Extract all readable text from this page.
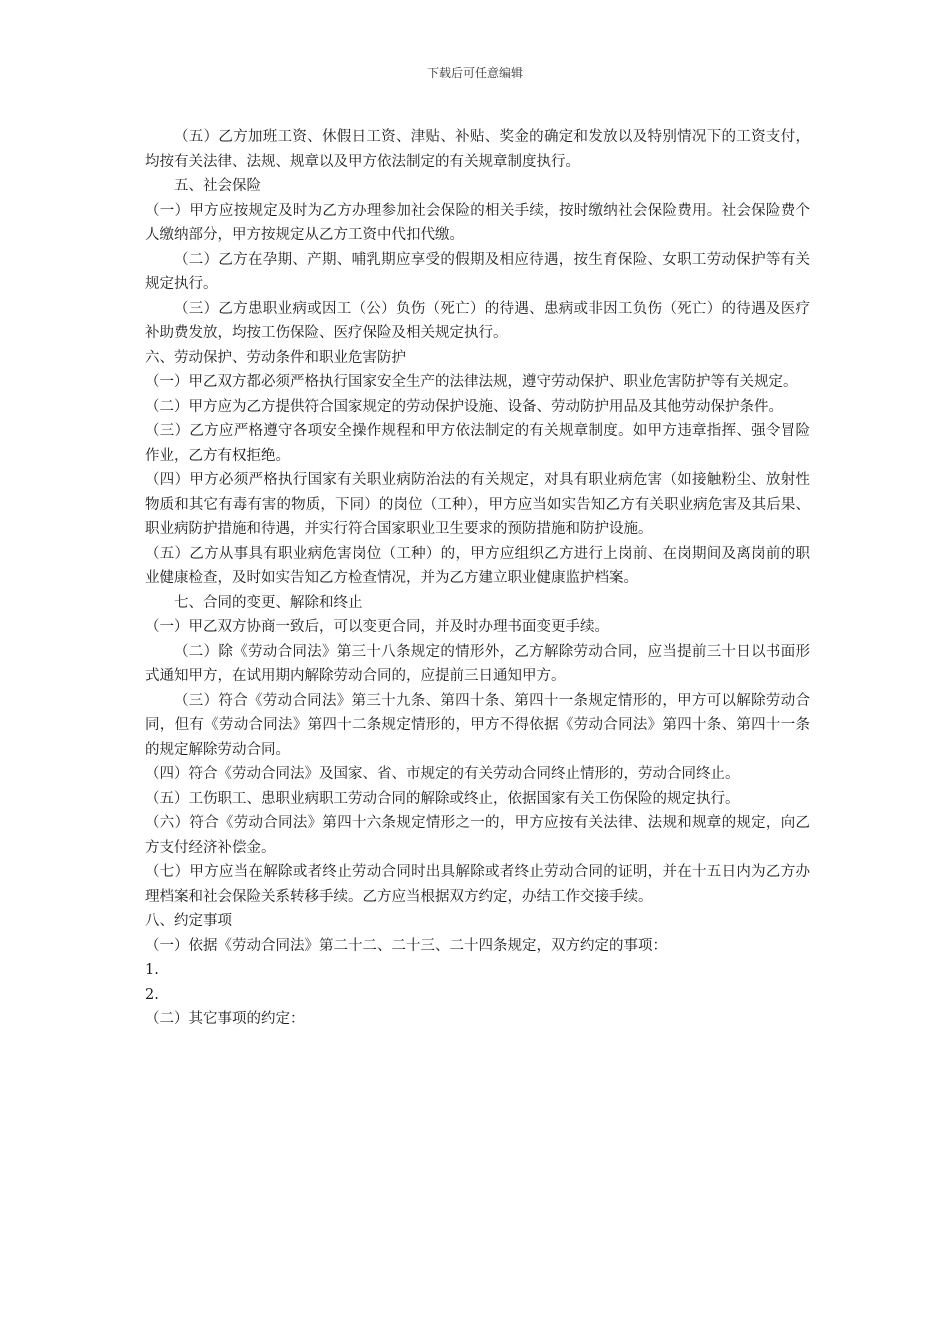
下载后可任意编辑

（五）乙方加班工资、休假日工资、津贴、补贴、奖金的确定和发放以及特别情况下的工资支付，均按有关法律、法规、规章以及甲方依法制定的有关规章制度执行。

五、社会保险

（一）甲方应按规定及时为乙方办理参加社会保险的相关手续，按时缴纳社会保险费用。社会保险费个人缴纳部分，甲方按规定从乙方工资中代扣代缴。

（二）乙方在孕期、产期、哺乳期应享受的假期及相应待遇，按生育保险、女职工劳动保护等有关规定执行。

（三）乙方患职业病或因工（公）负伤（死亡）的待遇、患病或非因工负伤（死亡）的待遇及医疗补助费发放，均按工伤保险、医疗保险及相关规定执行。

六、劳动保护、劳动条件和职业危害防护

（一）甲乙双方都必须严格执行国家安全生产的法律法规，遵守劳动保护、职业危害防护等有关规定。

（二）甲方应为乙方提供符合国家规定的劳动保护设施、设备、劳动防护用品及其他劳动保护条件。

（三）乙方应严格遵守各项安全操作规程和甲方依法制定的有关规章制度。如甲方违章指挥、强令冒险作业，乙方有权拒绝。

（四）甲方必须严格执行国家有关职业病防治法的有关规定，对具有职业病危害（如接触粉尘、放射性物质和其它有毒有害的物质，下同）的岗位（工种），甲方应当如实告知乙方有关职业病危害及其后果、职业病防护措施和待遇，并实行符合国家职业卫生要求的预防措施和防护设施。

（五）乙方从事具有职业病危害岗位（工种）的，甲方应组织乙方进行上岗前、在岗期间及离岗前的职业健康检查，及时如实告知乙方检查情况，并为乙方建立职业健康监护档案。

七、合同的变更、解除和终止

（一）甲乙双方协商一致后，可以变更合同，并及时办理书面变更手续。

（二）除《劳动合同法》第三十八条规定的情形外，乙方解除劳动合同，应当提前三十日以书面形式通知甲方，在试用期内解除劳动合同的，应提前三日通知甲方。

（三）符合《劳动合同法》第三十九条、第四十条、第四十一条规定情形的，甲方可以解除劳动合同，但有《劳动合同法》第四十二条规定情形的，甲方不得依据《劳动合同法》第四十条、第四十一条的规定解除劳动合同。

（四）符合《劳动合同法》及国家、省、市规定的有关劳动合同终止情形的，劳动合同终止。

（五）工伤职工、患职业病职工劳动合同的解除或终止，依据国家有关工伤保险的规定执行。

（六）符合《劳动合同法》第四十六条规定情形之一的，甲方应按有关法律、法规和规章的规定，向乙方支付经济补偿金。

（七）甲方应当在解除或者终止劳动合同时出具解除或者终止劳动合同的证明，并在十五日内为乙方办理档案和社会保险关系转移手续。乙方应当根据双方约定，办结工作交接手续。

八、约定事项

（一）依据《劳动合同法》第二十二、二十三、二十四条规定，双方约定的事项：

1.

2.

（二）其它事项的约定：
